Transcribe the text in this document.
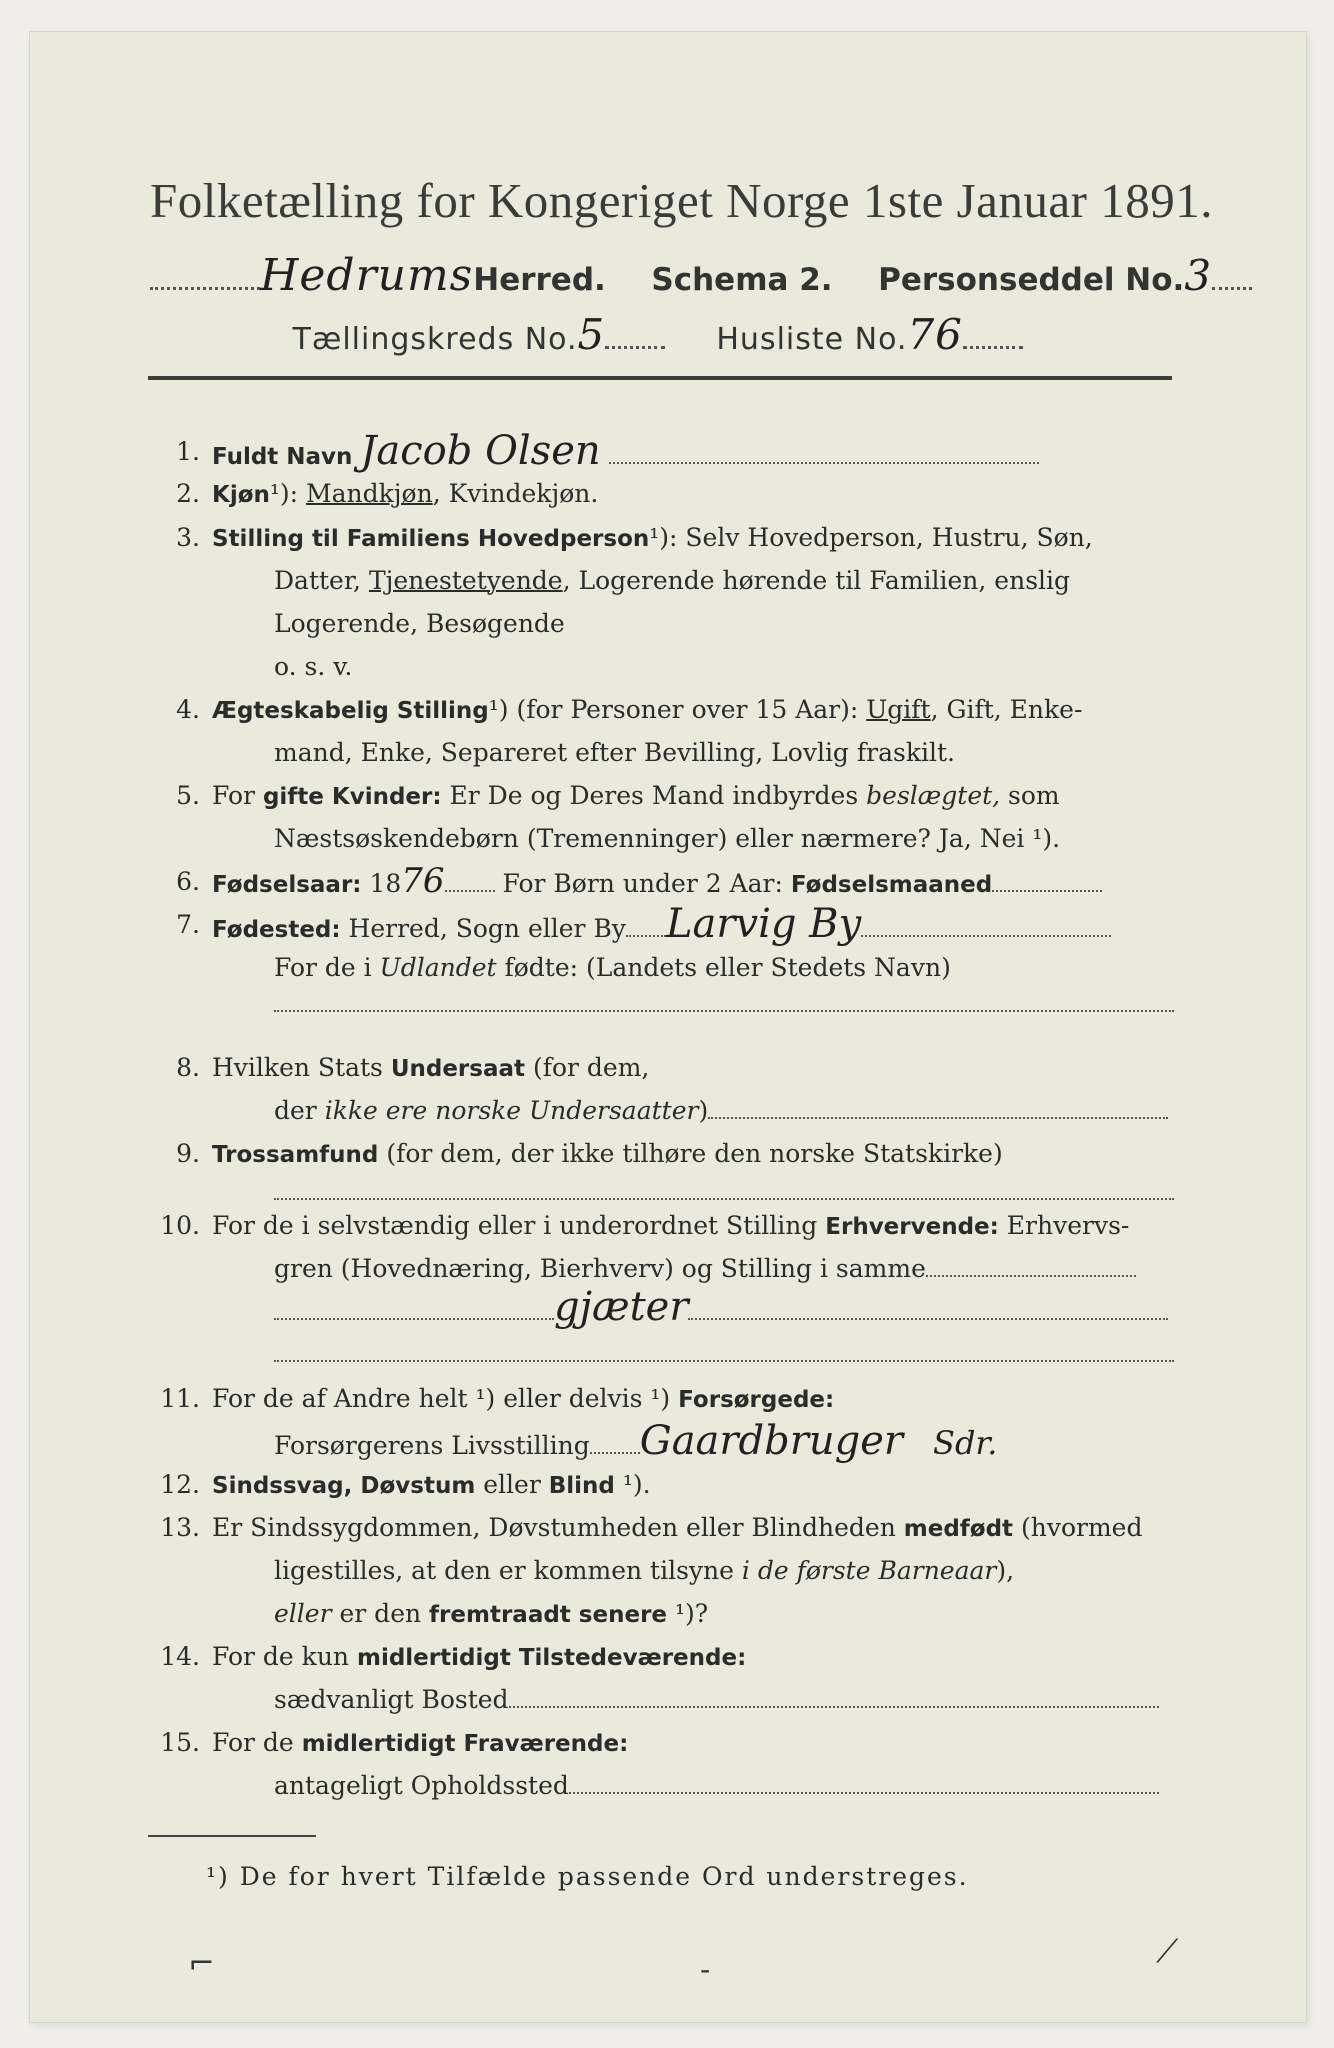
Folketælling for Kongeriget Norge 1ste Januar 1891.
HedrumsHerred. Schema 2. Personseddel No.3
Tællingskreds No.5	Husliste No.76
1. Fuldt Navn Jacob Olsen
2. Kjøn¹): Mandkjøn, Kvindekjøn.
3. Stilling til Familiens Hovedperson¹): Selv Hovedperson, Hustru, Søn,
Datter, Tjenestetyende, Logerende hørende til Familien, enslig
Logerende, Besøgende
o. s. v.
4. Ægteskabelig Stilling¹) (for Personer over 15 Aar): Ugift, Gift, Enke-
mand, Enke, Separeret efter Bevilling, Lovlig fraskilt.
5. For gifte Kvinder: Er De og Deres Mand indbyrdes beslægtet, som
Næstsøskendebørn (Tremenninger) eller nærmere? Ja, Nei ¹).
6. Fødselsaar: 1876 For Børn under 2 Aar: Fødselsmaaned
7. Fødested: Herred, Sogn eller By Larvig By
For de i Udlandet fødte: (Landets eller Stedets Navn)
8. Hvilken Stats Undersaat (for dem,
der ikke ere norske Undersaatter)
9. Trossamfund (for dem, der ikke tilhøre den norske Statskirke)
10. For de i selvstændig eller i underordnet Stilling Erhvervende: Erhvervs-
gren (Hovednæring, Bierhverv) og Stilling i samme
gjæter
11. For de af Andre helt ¹) eller delvis ¹) Forsørgede:
Forsørgerens Livsstilling Gaardbruger Sdr.
12. Sindssvag, Døvstum eller Blind ¹).
13. Er Sindssygdommen, Døvstumheden eller Blindheden medfødt (hvormed
ligestilles, at den er kommen tilsyne i de første Barneaar),
eller er den fremtraadt senere ¹)?
14. For de kun midlertidigt Tilstedeværende:
sædvanligt Bosted
15. For de midlertidigt Fraværende:
antageligt Opholdssted
¹) De for hvert Tilfælde passende Ord understreges.
⌐	˗	⟋
